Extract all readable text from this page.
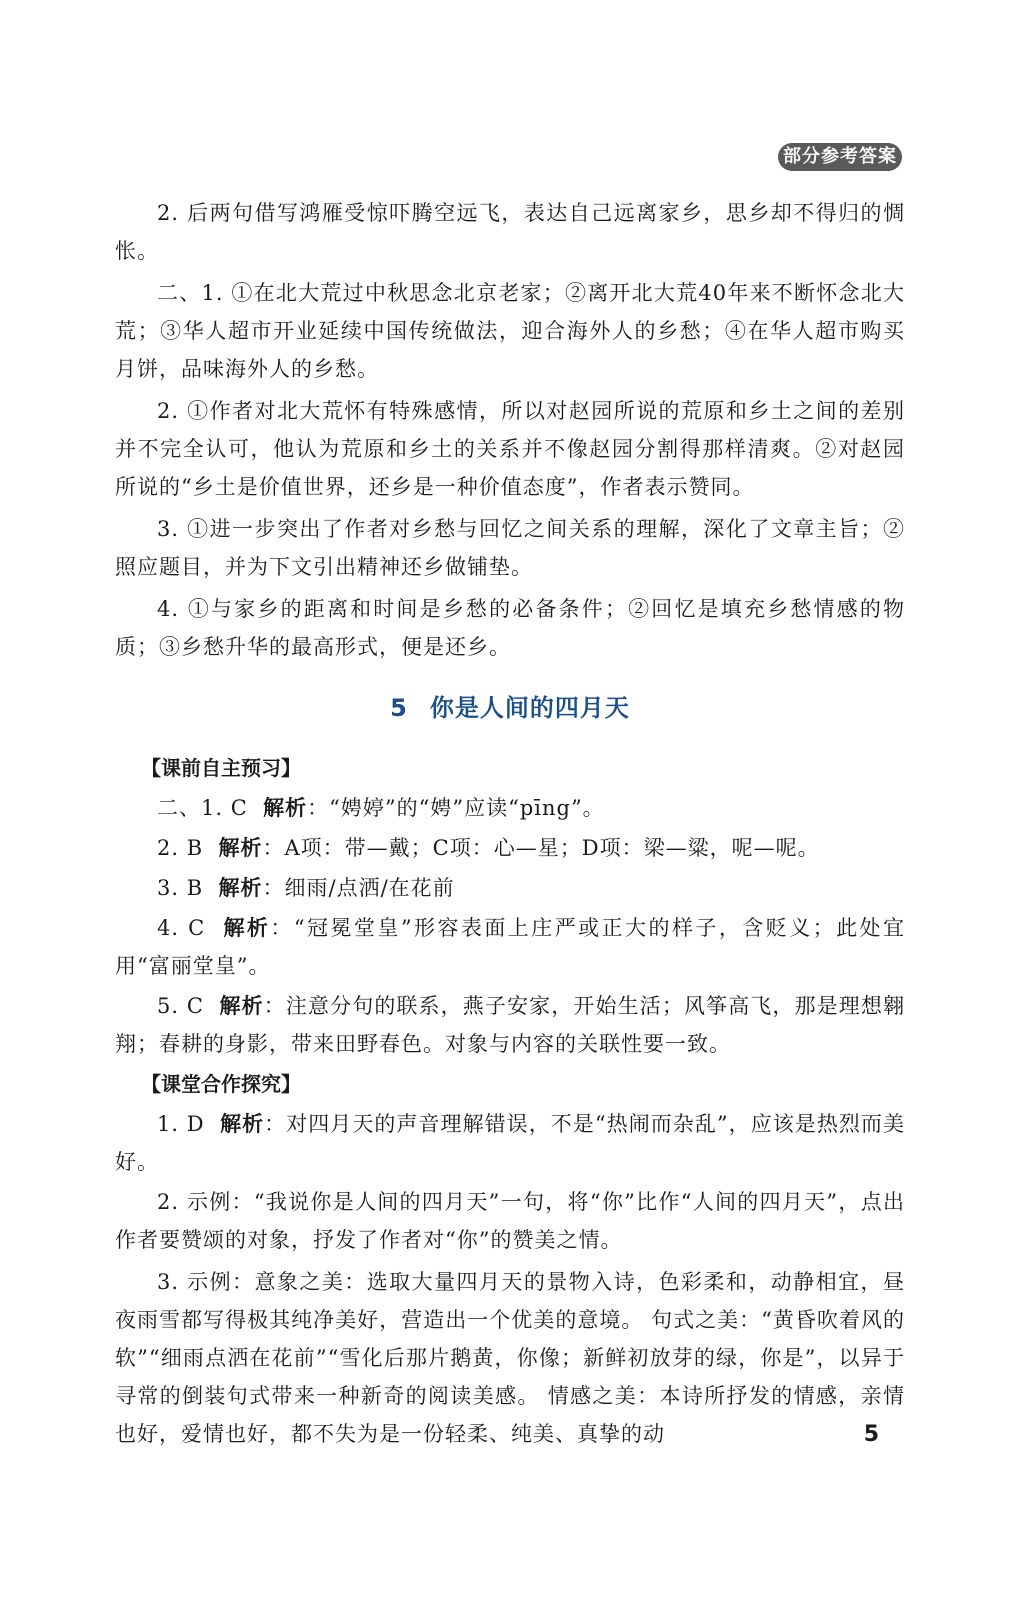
部分参考答案

2. 后两句借写鸿雁受惊吓腾空远飞，表达自己远离家乡，思乡却不得归的惆怅。

二、1. ①在北大荒过中秋思念北京老家；②离开北大荒40年来不断怀念北大荒；③华人超市开业延续中国传统做法，迎合海外人的乡愁；④在华人超市购买月饼，品味海外人的乡愁。

2. ①作者对北大荒怀有特殊感情，所以对赵园所说的荒原和乡土之间的差别并不完全认可，他认为荒原和乡土的关系并不像赵园分割得那样清爽。②对赵园所说的“乡土是价值世界，还乡是一种价值态度”，作者表示赞同。

3. ①进一步突出了作者对乡愁与回忆之间关系的理解，深化了文章主旨；②照应题目，并为下文引出精神还乡做铺垫。

4. ①与家乡的距离和时间是乡愁的必备条件；②回忆是填充乡愁情感的物质；③乡愁升华的最高形式，便是还乡。

5 你是人间的四月天
【课前自主预习】

二、1. C 解析：“娉婷”的“娉”应读“pīng”。

2. B 解析：A项：带—戴；C项：心—星；D项：梁—粱，呢—呢。

3. B 解析：细雨/点洒/在花前

4. C 解析：“冠冕堂皇”形容表面上庄严或正大的样子，含贬义；此处宜用“富丽堂皇”。

5. C 解析：注意分句的联系，燕子安家，开始生活；风筝高飞，那是理想翱翔；春耕的身影，带来田野春色。对象与内容的关联性要一致。

【课堂合作探究】

1. D 解析：对四月天的声音理解错误，不是“热闹而杂乱”，应该是热烈而美好。

2. 示例：“我说你是人间的四月天”一句，将“你”比作“人间的四月天”，点出作者要赞颂的对象，抒发了作者对“你”的赞美之情。

3. 示例：意象之美：选取大量四月天的景物入诗，色彩柔和，动静相宜，昼夜雨雪都写得极其纯净美好，营造出一个优美的意境。 句式之美：“黄昏吹着风的软”“细雨点洒在花前”“雪化后那片鹅黄，你像；新鲜初放芽的绿，你是”，以异于寻常的倒装句式带来一种新奇的阅读美感。 情感之美：本诗所抒发的情感，亲情也好，爱情也好，都不失为是一份轻柔、纯美、真挚的动	5
